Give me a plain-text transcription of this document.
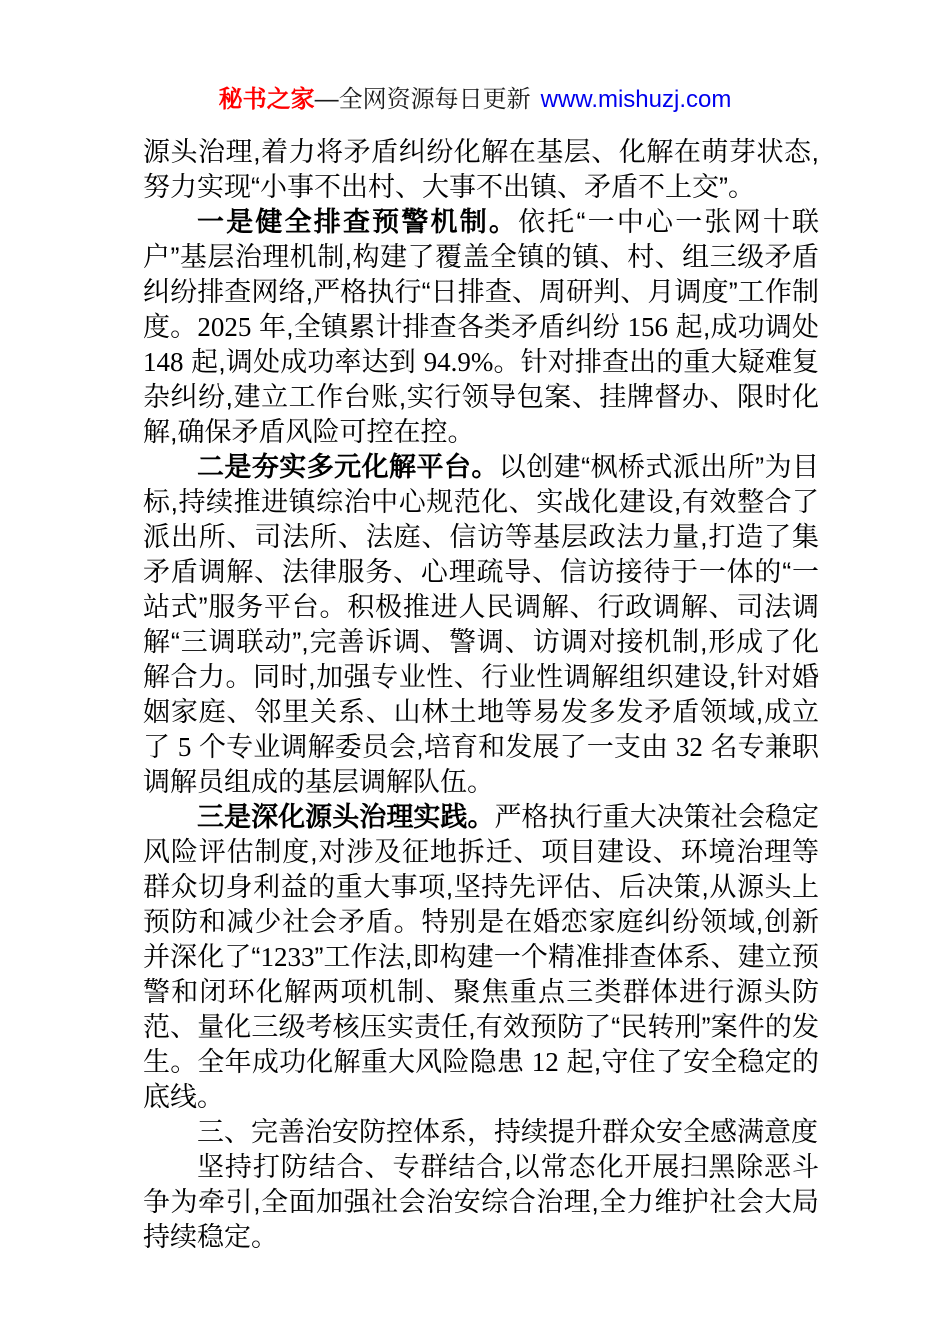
秘书之家—全网资源每日更新 www.mishuzj.com

源头治理,着力将矛盾纠纷化解在基层、化解在萌芽状态,努力实现“小事不出村、大事不出镇、矛盾不上交”。

一是健全排查预警机制。依托“一中心一张网十联户”基层治理机制,构建了覆盖全镇的镇、村、组三级矛盾纠纷排查网络,严格执行“日排查、周研判、月调度”工作制度。2025 年,全镇累计排查各类矛盾纠纷 156 起,成功调处 148 起,调处成功率达到 94.9%。针对排查出的重大疑难复杂纠纷,建立工作台账,实行领导包案、挂牌督办、限时化解,确保矛盾风险可控在控。

二是夯实多元化解平台。以创建“枫桥式派出所”为目标,持续推进镇综治中心规范化、实战化建设,有效整合了派出所、司法所、法庭、信访等基层政法力量,打造了集矛盾调解、法律服务、心理疏导、信访接待于一体的“一站式”服务平台。积极推进人民调解、行政调解、司法调解“三调联动”,完善诉调、警调、访调对接机制,形成了化解合力。同时,加强专业性、行业性调解组织建设,针对婚姻家庭、邻里关系、山林土地等易发多发矛盾领域,成立了 5 个专业调解委员会,培育和发展了一支由 32 名专兼职调解员组成的基层调解队伍。

三是深化源头治理实践。严格执行重大决策社会稳定风险评估制度,对涉及征地拆迁、项目建设、环境治理等群众切身利益的重大事项,坚持先评估、后决策,从源头上预防和减少社会矛盾。特别是在婚恋家庭纠纷领域,创新并深化了“1233”工作法,即构建一个精准排查体系、建立预警和闭环化解两项机制、聚焦重点三类群体进行源头防范、量化三级考核压实责任,有效预防了“民转刑”案件的发生。全年成功化解重大风险隐患 12 起,守住了安全稳定的底线。

三、完善治安防控体系，持续提升群众安全感满意度

坚持打防结合、专群结合,以常态化开展扫黑除恶斗争为牵引,全面加强社会治安综合治理,全力维护社会大局持续稳定。
